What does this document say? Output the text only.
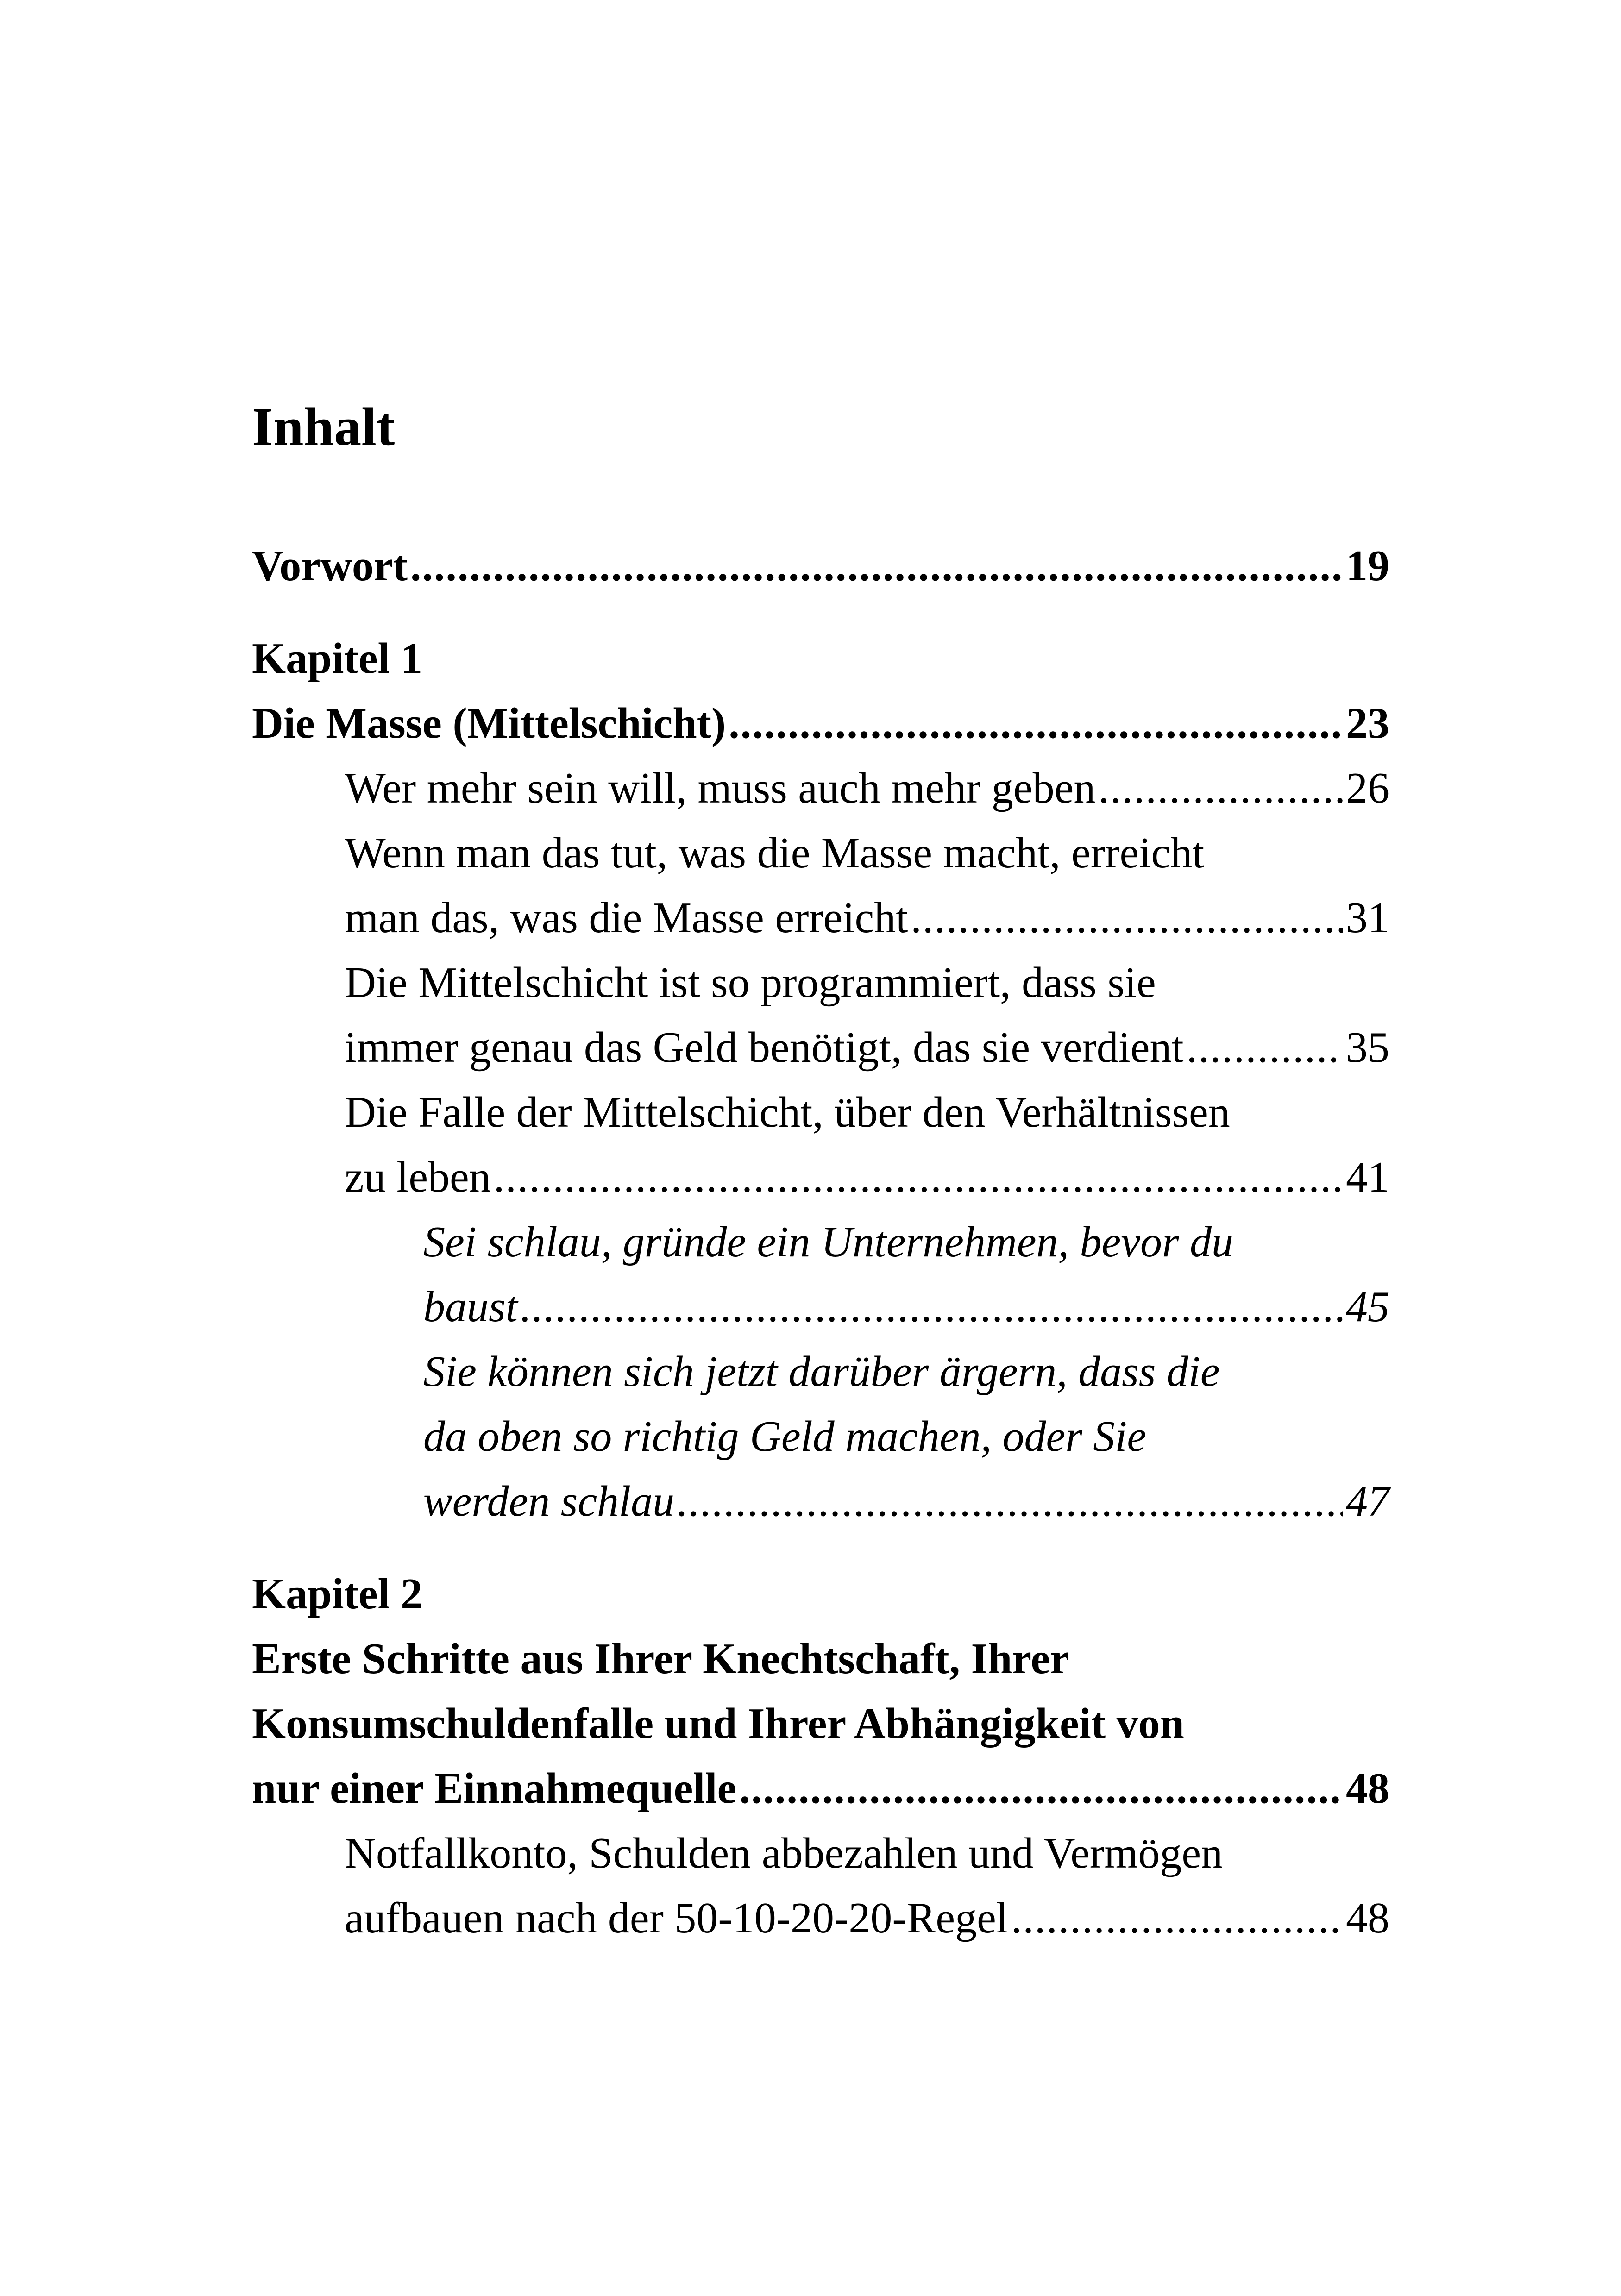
Inhalt
Vorwort .....	19
Kapitel 1
Die Masse (Mittelschicht) .....	23
Wer mehr sein will, muss auch mehr geben .....	26
Wenn man das tut, was die Masse macht, erreicht
man das, was die Masse erreicht .....	31
Die Mittelschicht ist so programmiert, dass sie
immer genau das Geld benötigt, das sie verdient .....	35
Die Falle der Mittelschicht, über den Verhältnissen
zu leben .....	41
Sei schlau, gründe ein Unternehmen, bevor du
baust .....	45
Sie können sich jetzt darüber ärgern, dass die
da oben so richtig Geld machen, oder Sie
werden schlau .....	47
Kapitel 2
Erste Schritte aus Ihrer Knechtschaft, Ihrer
Konsumschuldenfalle und Ihrer Abhängigkeit von
nur einer Einnahmequelle .....	48
Notfallkonto, Schulden abbezahlen und Vermögen
aufbauen nach der 50-10-20-20-Regel .....	48
